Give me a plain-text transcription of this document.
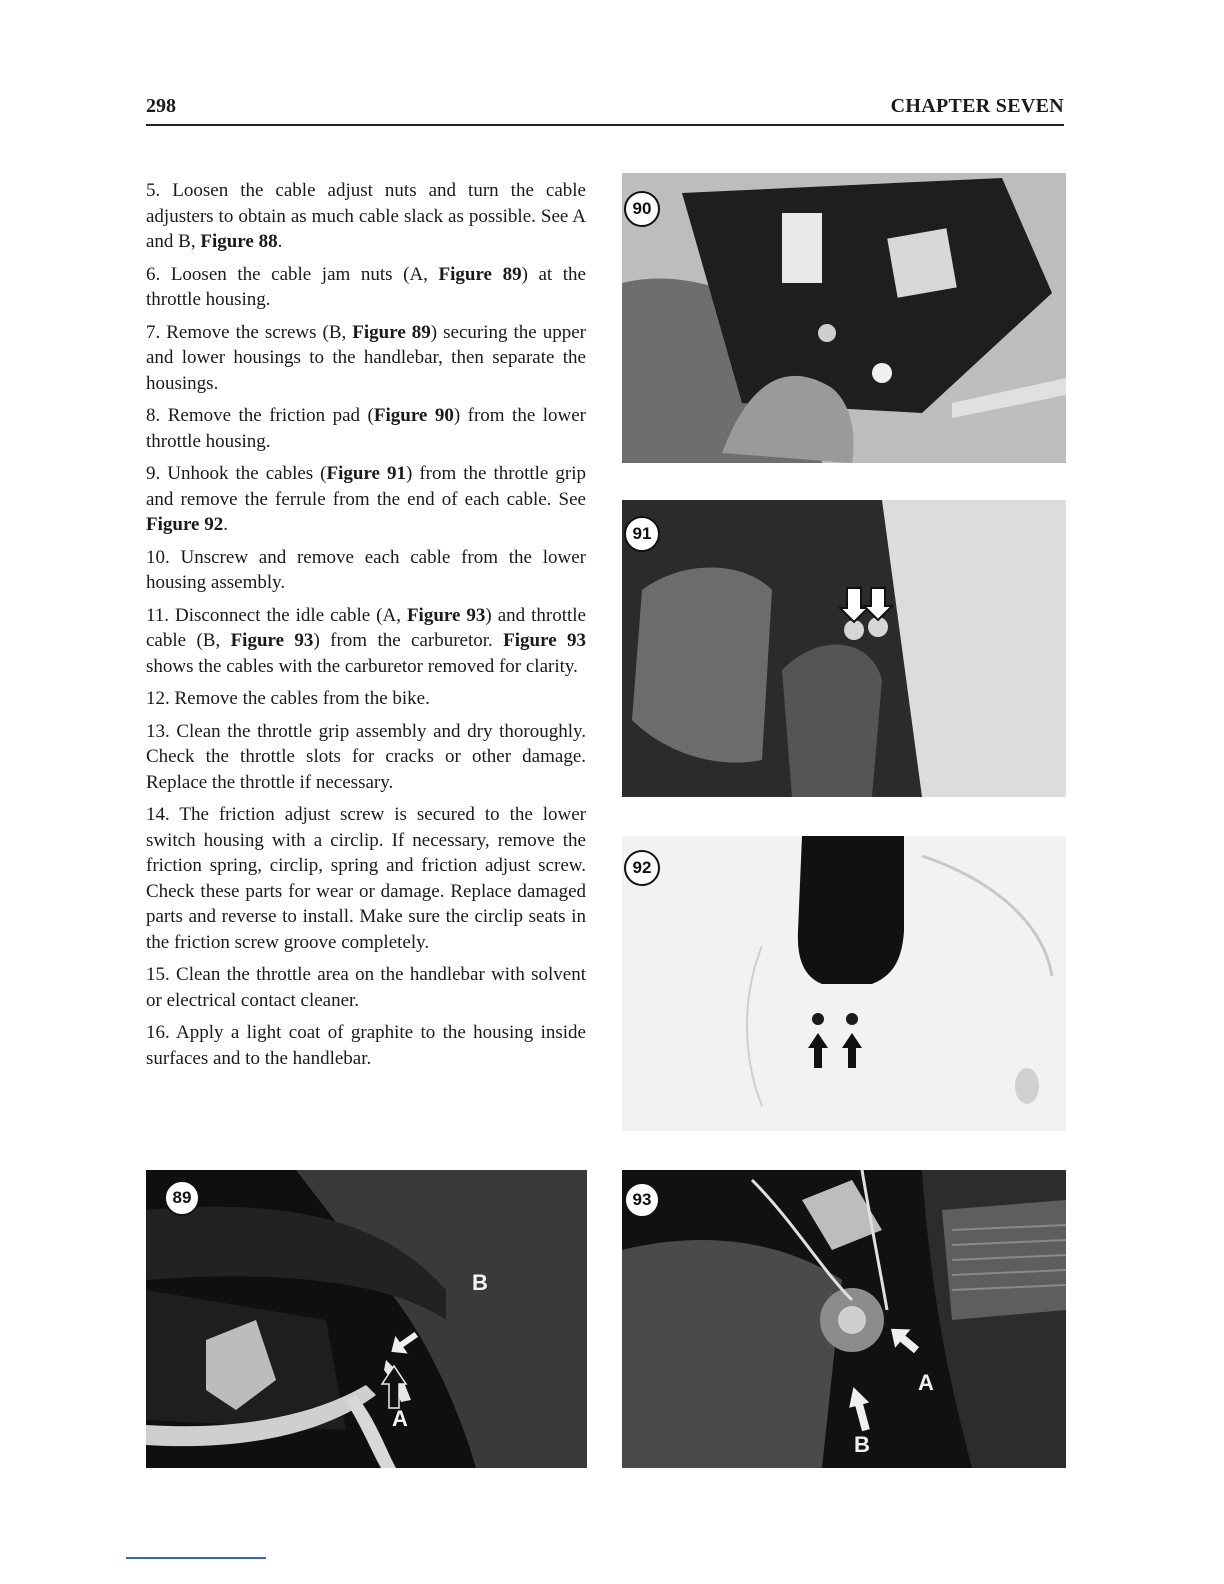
298	CHAPTER SEVEN

5. Loosen the cable adjust nuts and turn the cable adjusters to obtain as much cable slack as possible. See A and B, Figure 88.

6. Loosen the cable jam nuts (A, Figure 89) at the throttle housing.

7. Remove the screws (B, Figure 89) securing the upper and lower housings to the handlebar, then separate the housings.

8. Remove the friction pad (Figure 90) from the lower throttle housing.

9. Unhook the cables (Figure 91) from the throttle grip and remove the ferrule from the end of each cable. See Figure 92.

10. Unscrew and remove each cable from the lower housing assembly.

11. Disconnect the idle cable (A, Figure 93) and throttle cable (B, Figure 93) from the carburetor. Figure 93 shows the cables with the carburetor removed for clarity.

12. Remove the cables from the bike.

13. Clean the throttle grip assembly and dry thoroughly. Check the throttle slots for cracks or other damage. Replace the throttle if necessary.

14. The friction adjust screw is secured to the lower switch housing with a circlip. If necessary, remove the friction spring, circlip, spring and friction adjust screw. Check these parts for wear or damage. Replace damaged parts and reverse to install. Make sure the circlip seats in the friction screw groove completely.

15. Clean the throttle area on the handlebar with solvent or electrical contact cleaner.

16. Apply a light coat of graphite to the housing inside surfaces and to the handlebar.

90
91
92
89
B
A
93
A
B
